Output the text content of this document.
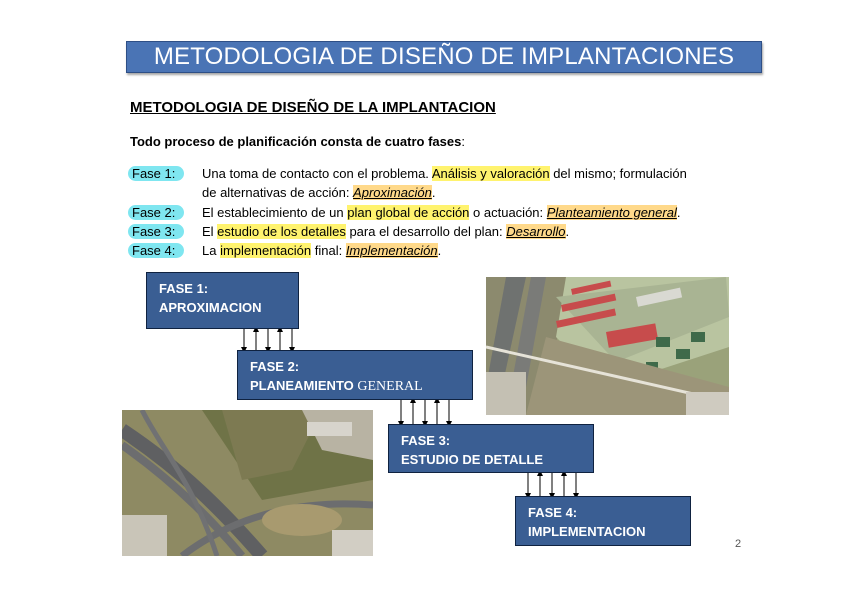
METODOLOGIA DE DISEÑO DE IMPLANTACIONES
METODOLOGIA DE DISEÑO DE LA IMPLANTACION
Todo proceso de planificación consta de cuatro fases:
Fase 1:	Una toma de contacto con el problema. Análisis y valoración del mismo; formulación
de alternativas de acción: Aproximación.
Fase 2:	El establecimiento de un plan global de acción o actuación: Planteamiento general.
Fase 3:	El estudio de los detalles para el desarrollo del plan: Desarrollo.
Fase 4:	La implementación final: Implementación.
FASE 1:
APROXIMACION
FASE 2:
PLANEAMIENTO GENERAL
FASE 3:
ESTUDIO DE DETALLE
FASE 4:
IMPLEMENTACION
2
